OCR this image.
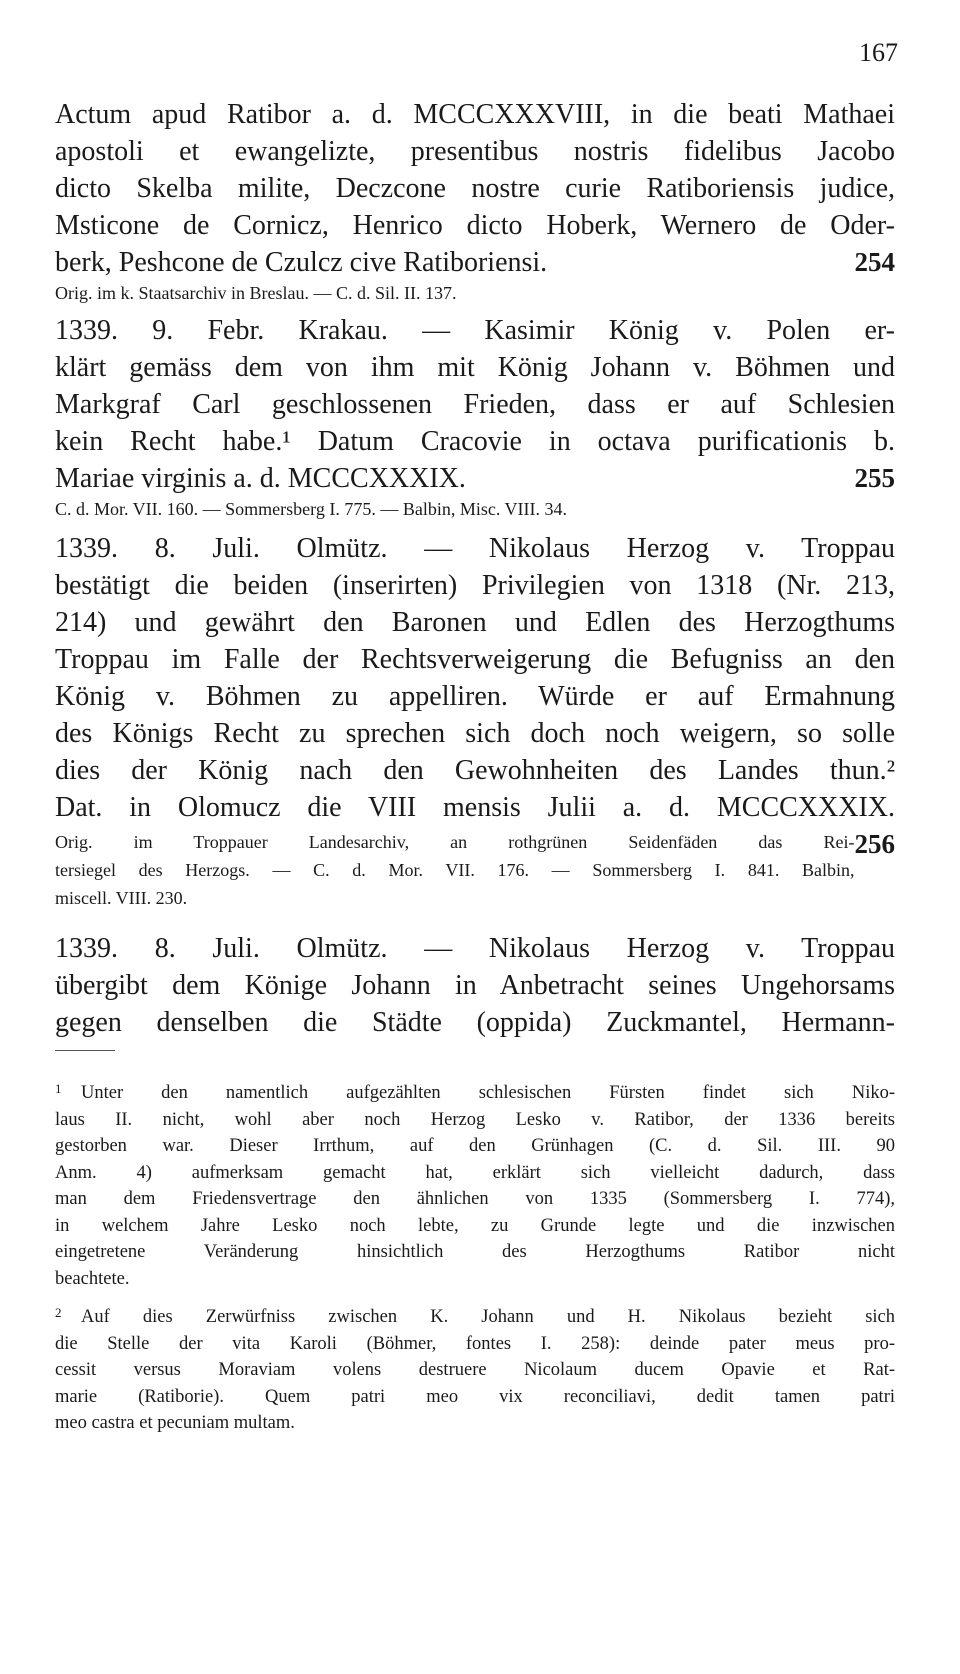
167
Actum apud Ratibor a. d. MCCCXXXVIII, in die beati Mathaei
apostoli et ewangelizte, presentibus nostris fidelibus Jacobo
dicto Skelba milite, Deczcone nostre curie Ratiboriensis judice,
Msticone de Cornicz, Henrico dicto Hoberk, Wernero de Oder-
berk, Peshcone de Czulcz cive Ratiboriensi.	254
Orig. im k. Staatsarchiv in Breslau. — C. d. Sil. II. 137.
1339. 9. Febr. Krakau. — Kasimir König v. Polen er-
klärt gemäss dem von ihm mit König Johann v. Böhmen und
Markgraf Carl geschlossenen Frieden, dass er auf Schlesien
kein Recht habe.¹ Datum Cracovie in octava purificationis b.
Mariae virginis a. d. MCCCXXXIX.	255
C. d. Mor. VII. 160. — Sommersberg I. 775. — Balbin, Misc. VIII. 34.
1339. 8. Juli. Olmütz. — Nikolaus Herzog v. Troppau
bestätigt die beiden (inserirten) Privilegien von 1318 (Nr. 213,
214) und gewährt den Baronen und Edlen des Herzogthums
Troppau im Falle der Rechtsverweigerung die Befugniss an den
König v. Böhmen zu appelliren. Würde er auf Ermahnung
des Königs Recht zu sprechen sich doch noch weigern, so solle
dies der König nach den Gewohnheiten des Landes thun.²
Dat. in Olomucz die VIII mensis Julii a. d. MCCCXXXIX.
256
Orig. im Troppauer Landesarchiv, an rothgrünen Seidenfäden das Rei-
tersiegel des Herzogs. — C. d. Mor. VII. 176. — Sommersberg I. 841. Balbin,
miscell. VIII. 230.
1339. 8. Juli. Olmütz. — Nikolaus Herzog v. Troppau
übergibt dem Könige Johann in Anbetracht seines Ungehorsams
gegen denselben die Städte (oppida) Zuckmantel, Hermann-
1 Unter den namentlich aufgezählten schlesischen Fürsten findet sich Niko-
laus II. nicht, wohl aber noch Herzog Lesko v. Ratibor, der 1336 bereits
gestorben war. Dieser Irrthum, auf den Grünhagen (C. d. Sil. III. 90
Anm. 4) aufmerksam gemacht hat, erklärt sich vielleicht dadurch, dass
man dem Friedensvertrage den ähnlichen von 1335 (Sommersberg I. 774),
in welchem Jahre Lesko noch lebte, zu Grunde legte und die inzwischen
eingetretene Veränderung hinsichtlich des Herzogthums Ratibor nicht
beachtete.
2 Auf dies Zerwürfniss zwischen K. Johann und H. Nikolaus bezieht sich
die Stelle der vita Karoli (Böhmer, fontes I. 258): deinde pater meus pro-
cessit versus Moraviam volens destruere Nicolaum ducem Opavie et Rat-
marie (Ratiborie). Quem patri meo vix reconciliavi, dedit tamen patri
meo castra et pecuniam multam.
